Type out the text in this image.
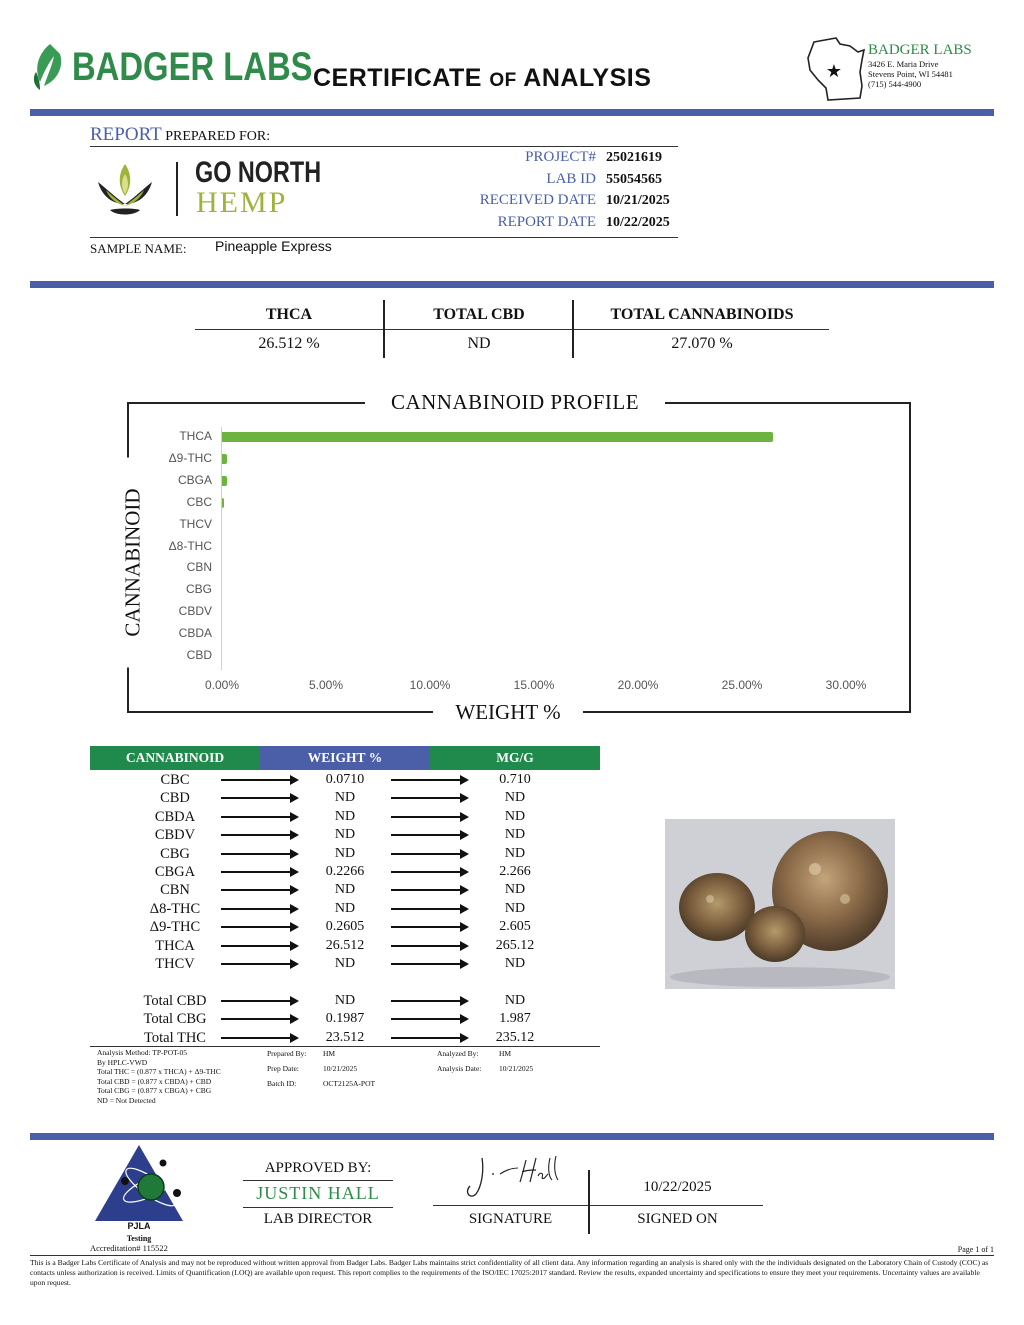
BADGER LABS CERTIFICATE OF ANALYSIS	★
BADGER LABS
3426 E. Maria Drive
Stevens Point, WI 54481
(715) 544-4900
REPORT PREPARED FOR:
GO NORTH
HEMP
PROJECT# 25021619
LAB ID 55054565
RECEIVED DATE 10/21/2025
REPORT DATE 10/22/2025
SAMPLE NAME: Pineapple Express
THCA	TOTAL CBD	TOTAL CANNABINOIDS
26.512 %	ND	27.070 %
CANNABINOID PROFILE
WEIGHT %
CANNABINOID
THCA
Δ9-THC
CBGA
CBC
THCV
Δ8-THC
CBN
CBG
CBDV
CBDA
CBD
0.00%	5.00%	10.00%	15.00%	20.00%	25.00%	30.00%
CANNABINOID	WEIGHT %	MG/G
CBC	0.0710	0.710
CBD	ND	ND
CBDA	ND	ND
CBDV	ND	ND
CBG	ND	ND
CBGA	0.2266	2.266
CBN	ND	ND
Δ8-THC	ND	ND
Δ9-THC	0.2605	2.605
THCA	26.512	265.12
THCV	ND	ND
Total CBD	ND	ND
Total CBG	0.1987	1.987
Total THC	23.512	235.12
Analysis Method: TP-POT-05
By HPLC-VWD
Total THC = (0.877 x THCA) + Δ9-THC
Total CBD = (0.877 x CBDA) + CBD
Total CBG = (0.877 x CBGA) + CBG
ND = Not Detected
Prepared By: HM
Prep Date:	10/21/2025
Batch ID:	OCT2125A-POT
Analyzed By:	HM
Analysis Date: 10/21/2025
PJLA
Testing
Accreditation# 115522
APPROVED BY:
JUSTIN HALL
LAB DIRECTOR
10/22/2025
SIGNATURE	SIGNED ON
Page 1 of 1
This is a Badger Labs Certificate of Analysis and may not be reproduced without written approval from Badger Labs. Badger Labs maintains strict confidentiality of all client data. Any information regarding an analysis is shared only with the the individuals designated on the Laboratory Chain of Custody (COC) as contacts unless authorization is received. Limits of Quantification (LOQ) are available upon request. This report complies to the requirements of the ISO/IEC 17025:2017 standard. Review the results, expanded uncertainty and specifications to ensure they meet your requirements. Uncertainty values are available upon request.
